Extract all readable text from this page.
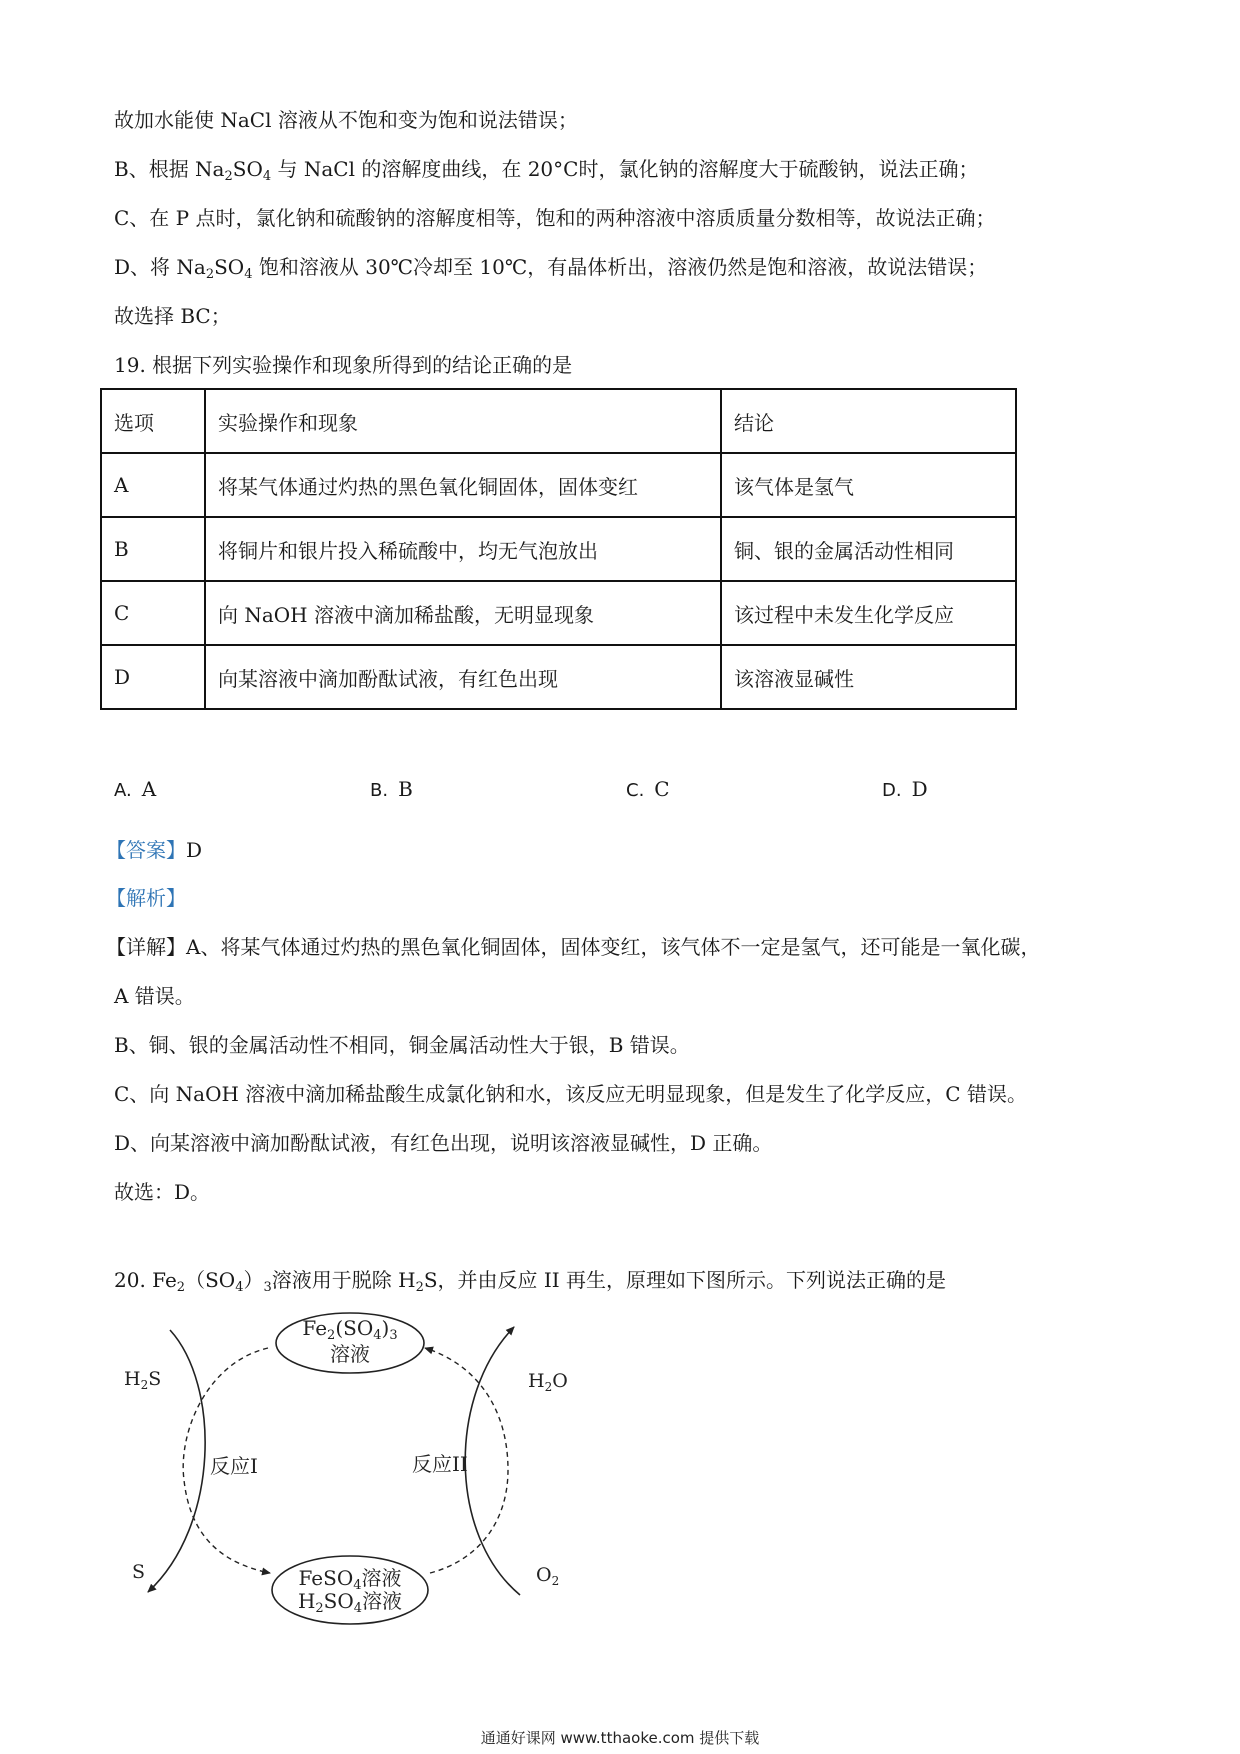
故加水能使 NaCl 溶液从不饱和变为饱和说法错误；
B、根据 $Na_2SO_4$ 与 NaCl 的溶解度曲线，在 20°C时，氯化钠的溶解度大于硫酸钠，说法正确；
C、在 P 点时，氯化钠和硫酸钠的溶解度相等，饱和的两种溶液中溶质质量分数相等，故说法正确；
D、将 $Na_2SO_4$ 饱和溶液从 30℃冷却至 10℃，有晶体析出，溶液仍然是饱和溶液，故说法错误；
故选择 BC；
19. 根据下列实验操作和现象所得到的结论正确的是
选项	实验操作和现象	结论
A	将某气体通过灼热的黑色氧化铜固体，固体变红	该气体是氢气
B	将铜片和银片投入稀硫酸中，均无气泡放出	铜、银的金属活动性相同
C	向 NaOH 溶液中滴加稀盐酸，无明显现象	该过程中未发生化学反应
D	向某溶液中滴加酚酞试液，有红色出现	该溶液显碱性
A. A	B. B	C. C	D. D
【答案】D
【解析】
【详解】A、将某气体通过灼热的黑色氧化铜固体，固体变红，该气体不一定是氢气，还可能是一氧化碳，
A 错误。
B、铜、银的金属活动性不相同，铜金属活动性大于银，B 错误。
C、向 NaOH 溶液中滴加稀盐酸生成氯化钠和水，该反应无明显现象，但是发生了化学反应，C 错误。
D、向某溶液中滴加酚酞试液，有红色出现，说明该溶液显碱性，D 正确。
故选：D。
20. $Fe_2(SO_4)_3$溶液用于脱除 $H_2S$，并由反应 II 再生，原理如下图所示。下列说法正确的是
$Fe_2(SO_4)_3$
溶液
FeSO$_4$溶液
$H_2SO_4$溶液
反应I	反应II
$H_2S$
S
$H_2O$
$O_2$
通通好课网 www.tthaoke.com 提供下载
